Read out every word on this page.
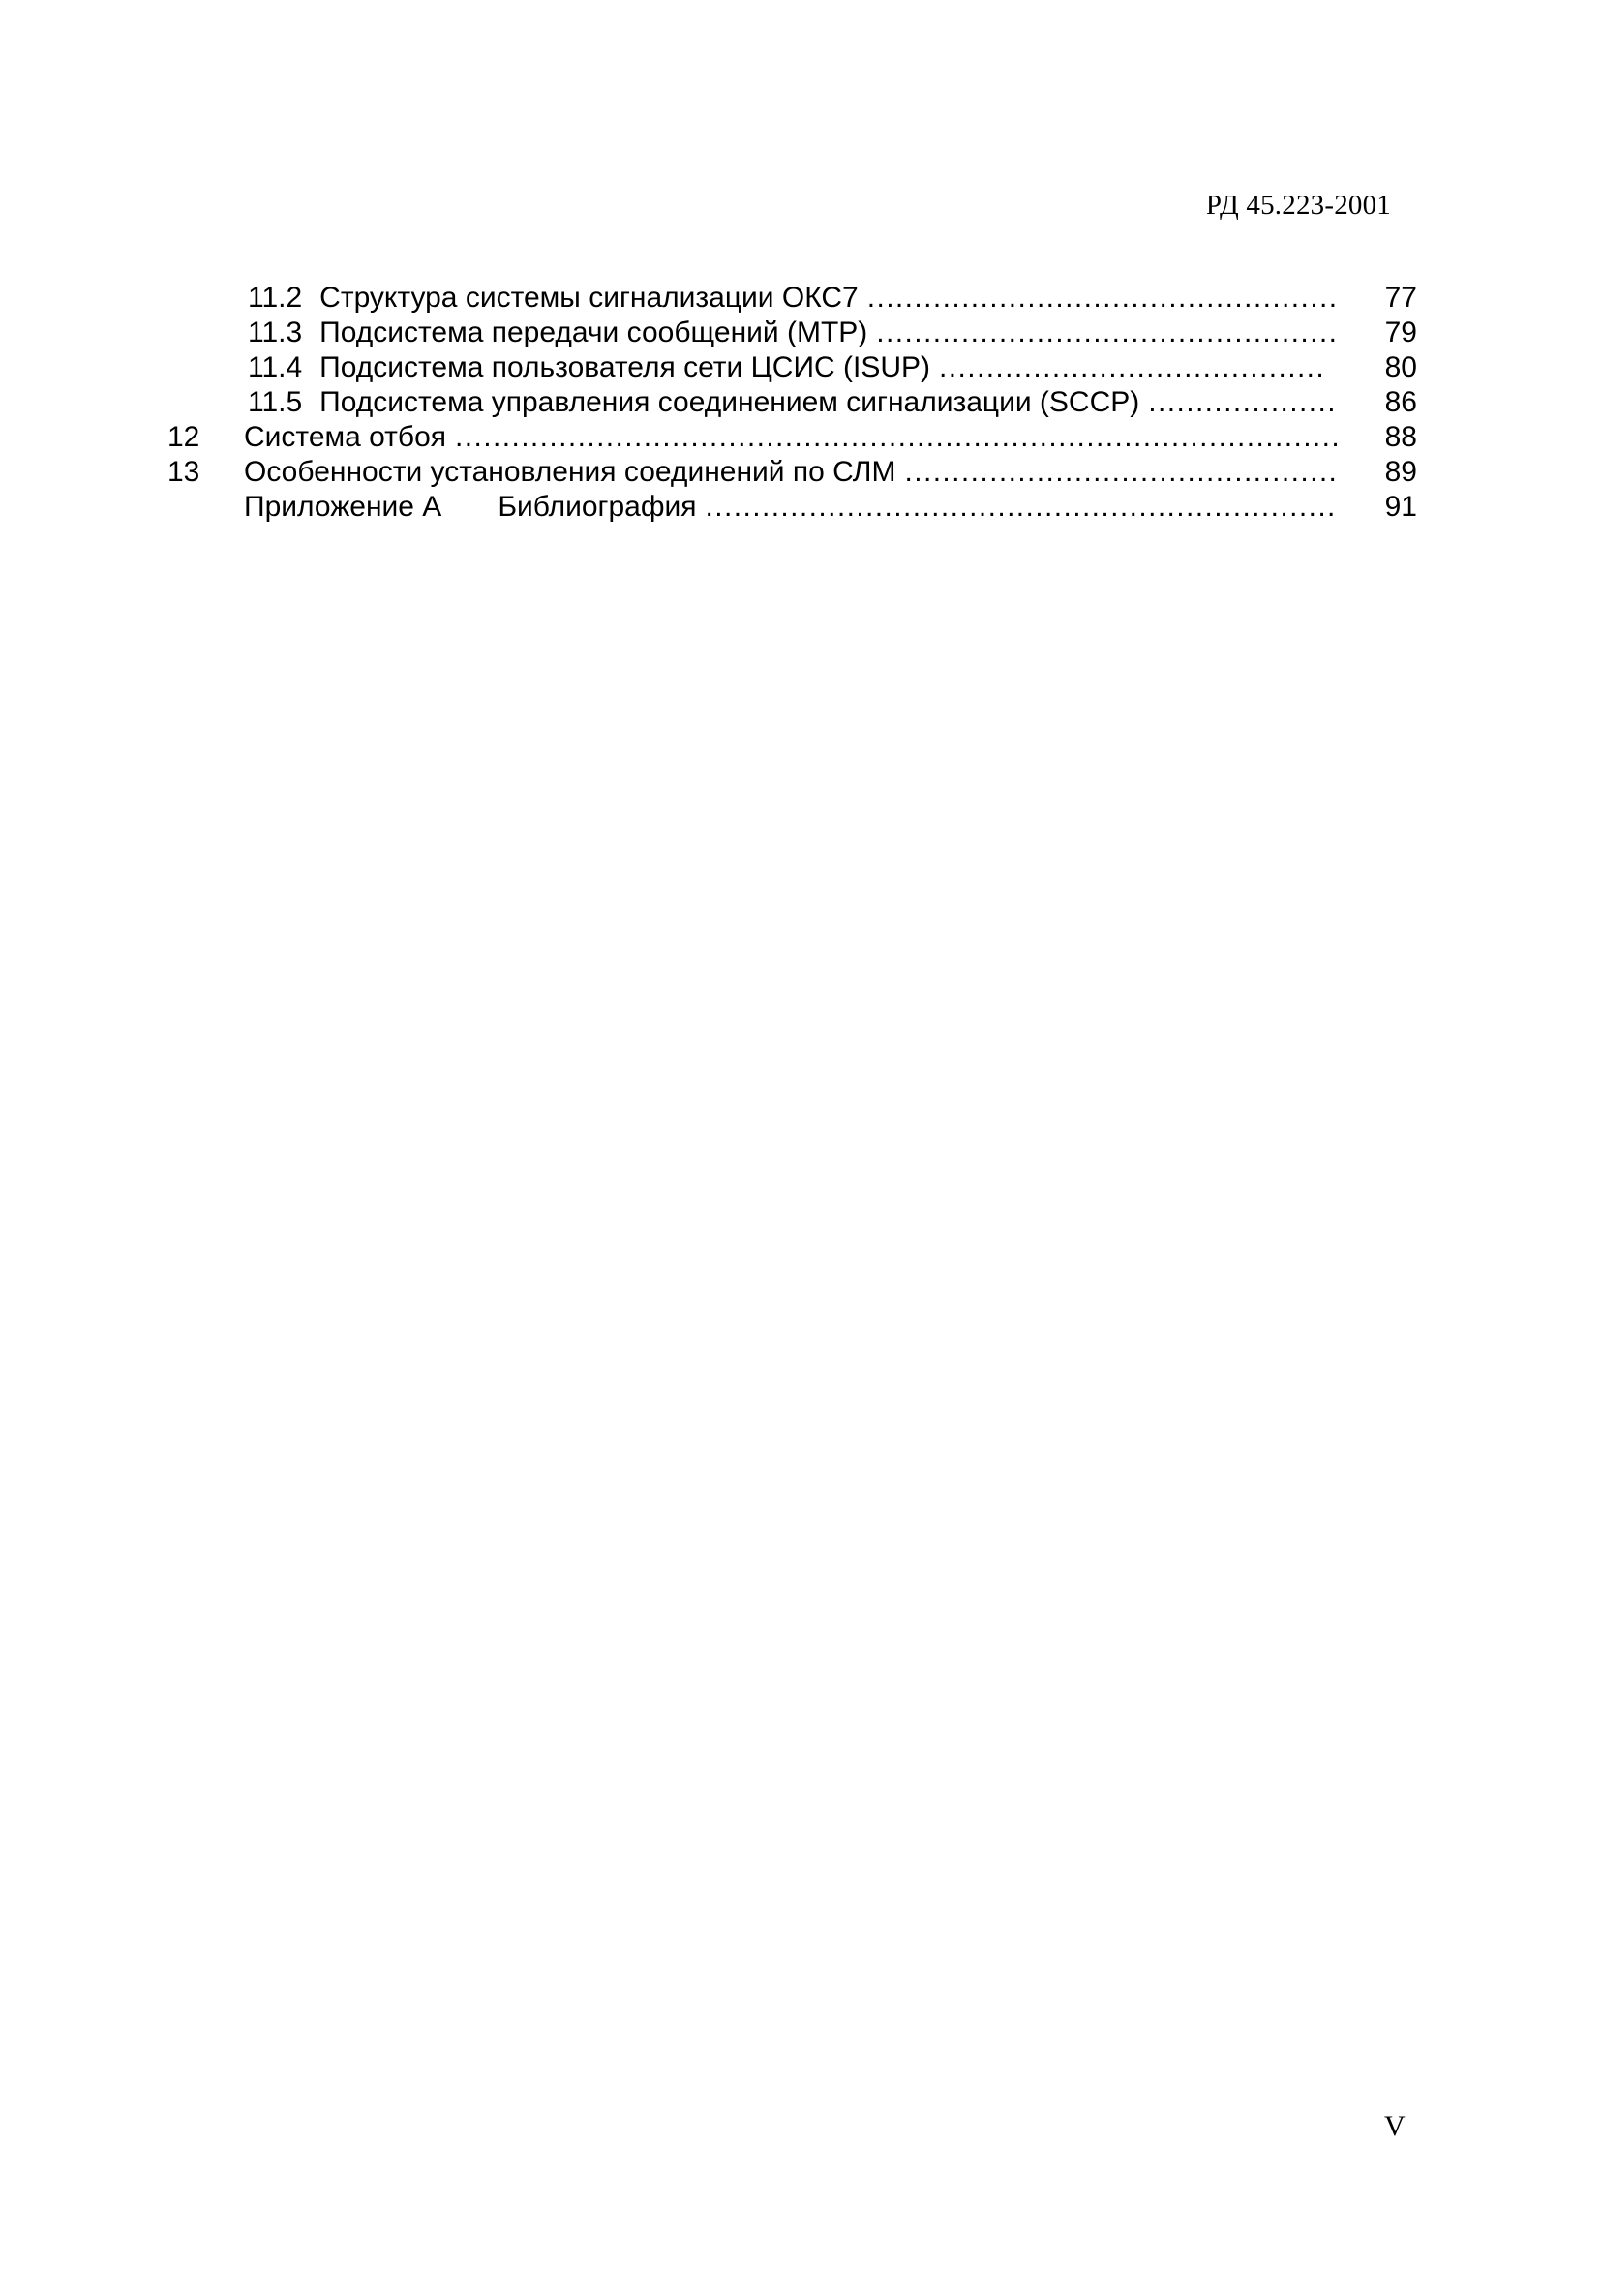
РД 45.223-2001
11.2 Структура системы сигнализации ОКС7 .....	77
11.3 Подсистема передачи сообщений (МТР) .....	79
11.4 Подсистема пользователя сети ЦСИС (ISUP) .....	80
11.5 Подсистема управления соединением сигнализации (SCCP) .....	86
12 Система отбоя .....	88
13 Особенности установления соединений по СЛМ .....	89
Приложение А Библиография .....	91
V
